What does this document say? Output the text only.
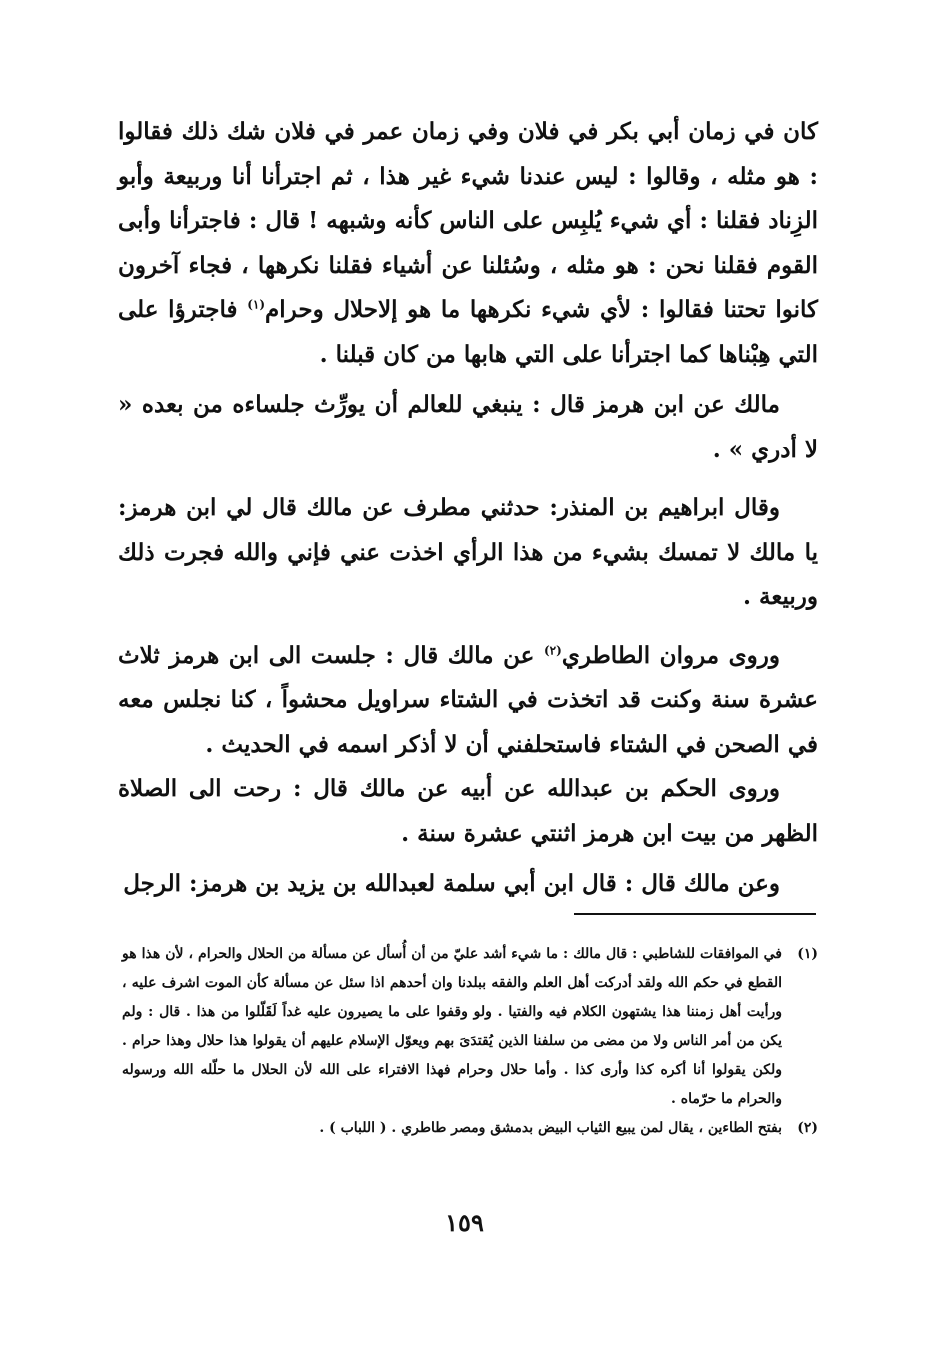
كان في زمان أبي بكر في فلان وفي زمان عمر في فلان شك ذلك فقالوا : هو مثله ، وقالوا : ليس عندنا شيء غير هذا ، ثم اجترأنا أنا وربيعة وأبو الزِناد فقلنا : أي شيء يُلبِس على الناس كأنه وشبهه ! قال : فاجترأنا وأبى القوم فقلنا نحن : هو مثله ، وسُئلنا عن أشياء فقلنا نكرهها ، فجاء آخرون كانوا تحتنا فقالوا : لأي شيء نكرهها ما هو إلاحلال وحرام$^{(١)}$ فاجترؤا على التي هِبْناها كما اجترأنا على التي هابها من كان قبلنا .

مالك عن ابن هرمز قال : ينبغي للعالم أن يورِّث جلساءه من بعده « لا أدري » .

وقال ابراهيم بن المنذر: حدثني مطرف عن مالك قال لي ابن هرمز: يا مالك لا تمسك بشيء من هذا الرأي اخذت عني فإني والله فجرت ذلك وربيعة .

وروى مروان الطاطري$^{(٢)}$ عن مالك قال : جلست الى ابن هرمز ثلاث عشرة سنة وكنت قد اتخذت في الشتاء سراويل محشواً ، كنا نجلس معه في الصحن في الشتاء فاستحلفني أن لا أذكر اسمه في الحديث .

وروى الحكم بن عبدالله عن أبيه عن مالك قال : رحت الى الصلاة الظهر من بيت ابن هرمز اثنتي عشرة سنة .

وعن مالك قال : قال ابن أبي سلمة لعبدالله بن يزيد بن هرمز: الرجل

(١)
في الموافقات للشاطبي : قال مالك : ما شيء أشد عليّ من أن أُسأل عن مسألة من الحلال والحرام ، لأن هذا هو القطع في حكم الله ولقد أدركت أهل العلم والفقه ببلدنا وان أحدهم اذا سئل عن مسألة كأن الموت اشرف عليه ، ورأيت أهل زمننا هذا يشتهون الكلام فيه والفتيا . ولو وقفوا على ما يصيرون عليه غداً لَقَلّلوا من هذا . قال : ولم يكن من أمر الناس ولا من مضى من سلفنا الذين يُقتدَىَ بهم ويعوّل الإسلام عليهم أن يقولوا هذا حلال وهذا حرام . ولكن يقولوا أنا أكره كذا وأرى كذا . وأما حلال وحرام فهذا الافتراء على الله لأن الحلال ما حلّله الله ورسوله والحرام ما حرّماه .
(٢)
بفتح الطاءين ، يقال لمن يبيع الثياب البيض بدمشق ومصر طاطري . ( اللباب ) .
١٥٩
